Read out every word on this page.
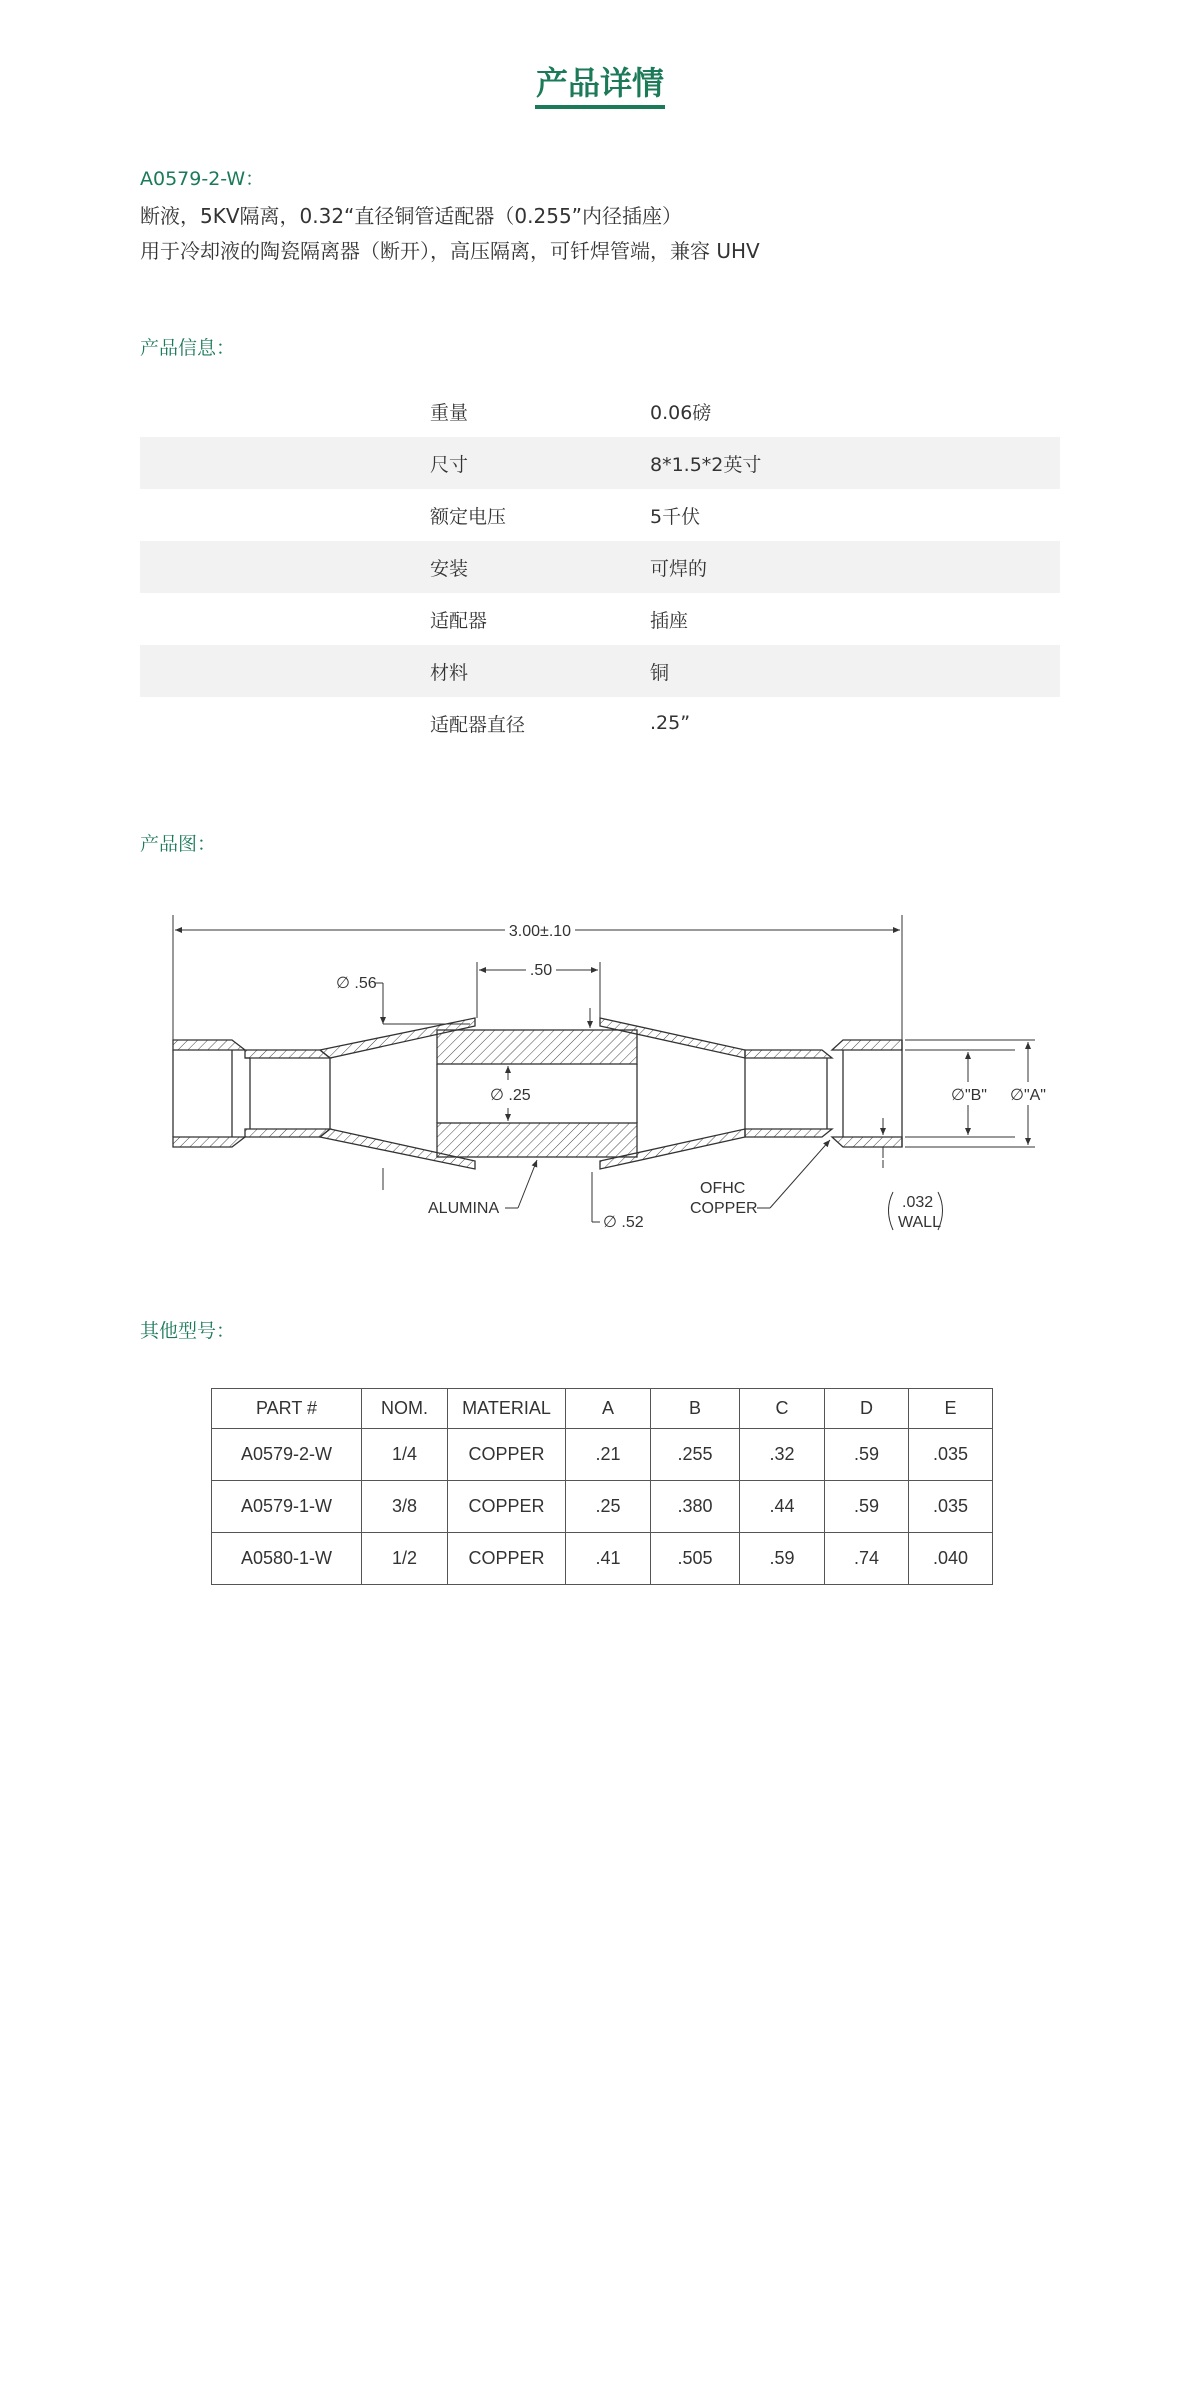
产品详情
A0579-2-W：
断液，5KV隔离，0.32“直径铜管适配器（0.255”内径插座）
用于冷却液的陶瓷隔离器（断开），高压隔离，可钎焊管端，兼容 UHV
产品信息：
重量	0.06磅
尺寸	8*1.5*2英寸
额定电压	5千伏
安装	可焊的
适配器	插座
材料	铜
适配器直径	.25”
产品图：
3.00±.10
.50
∅ .56
∅ .25
∅ .52
∅"B" ∅"A"
ALUMINA
OFHC
COPPER	.032
WALL
其他型号：
PART #	NOM.	MATERIAL	A	B	C	D	E
A0579-2-W	1/4	COPPER	.21	.255	.32	.59	.035
A0579-1-W	3/8	COPPER	.25	.380	.44	.59	.035
A0580-1-W	1/2	COPPER	.41	.505	.59	.74	.040
